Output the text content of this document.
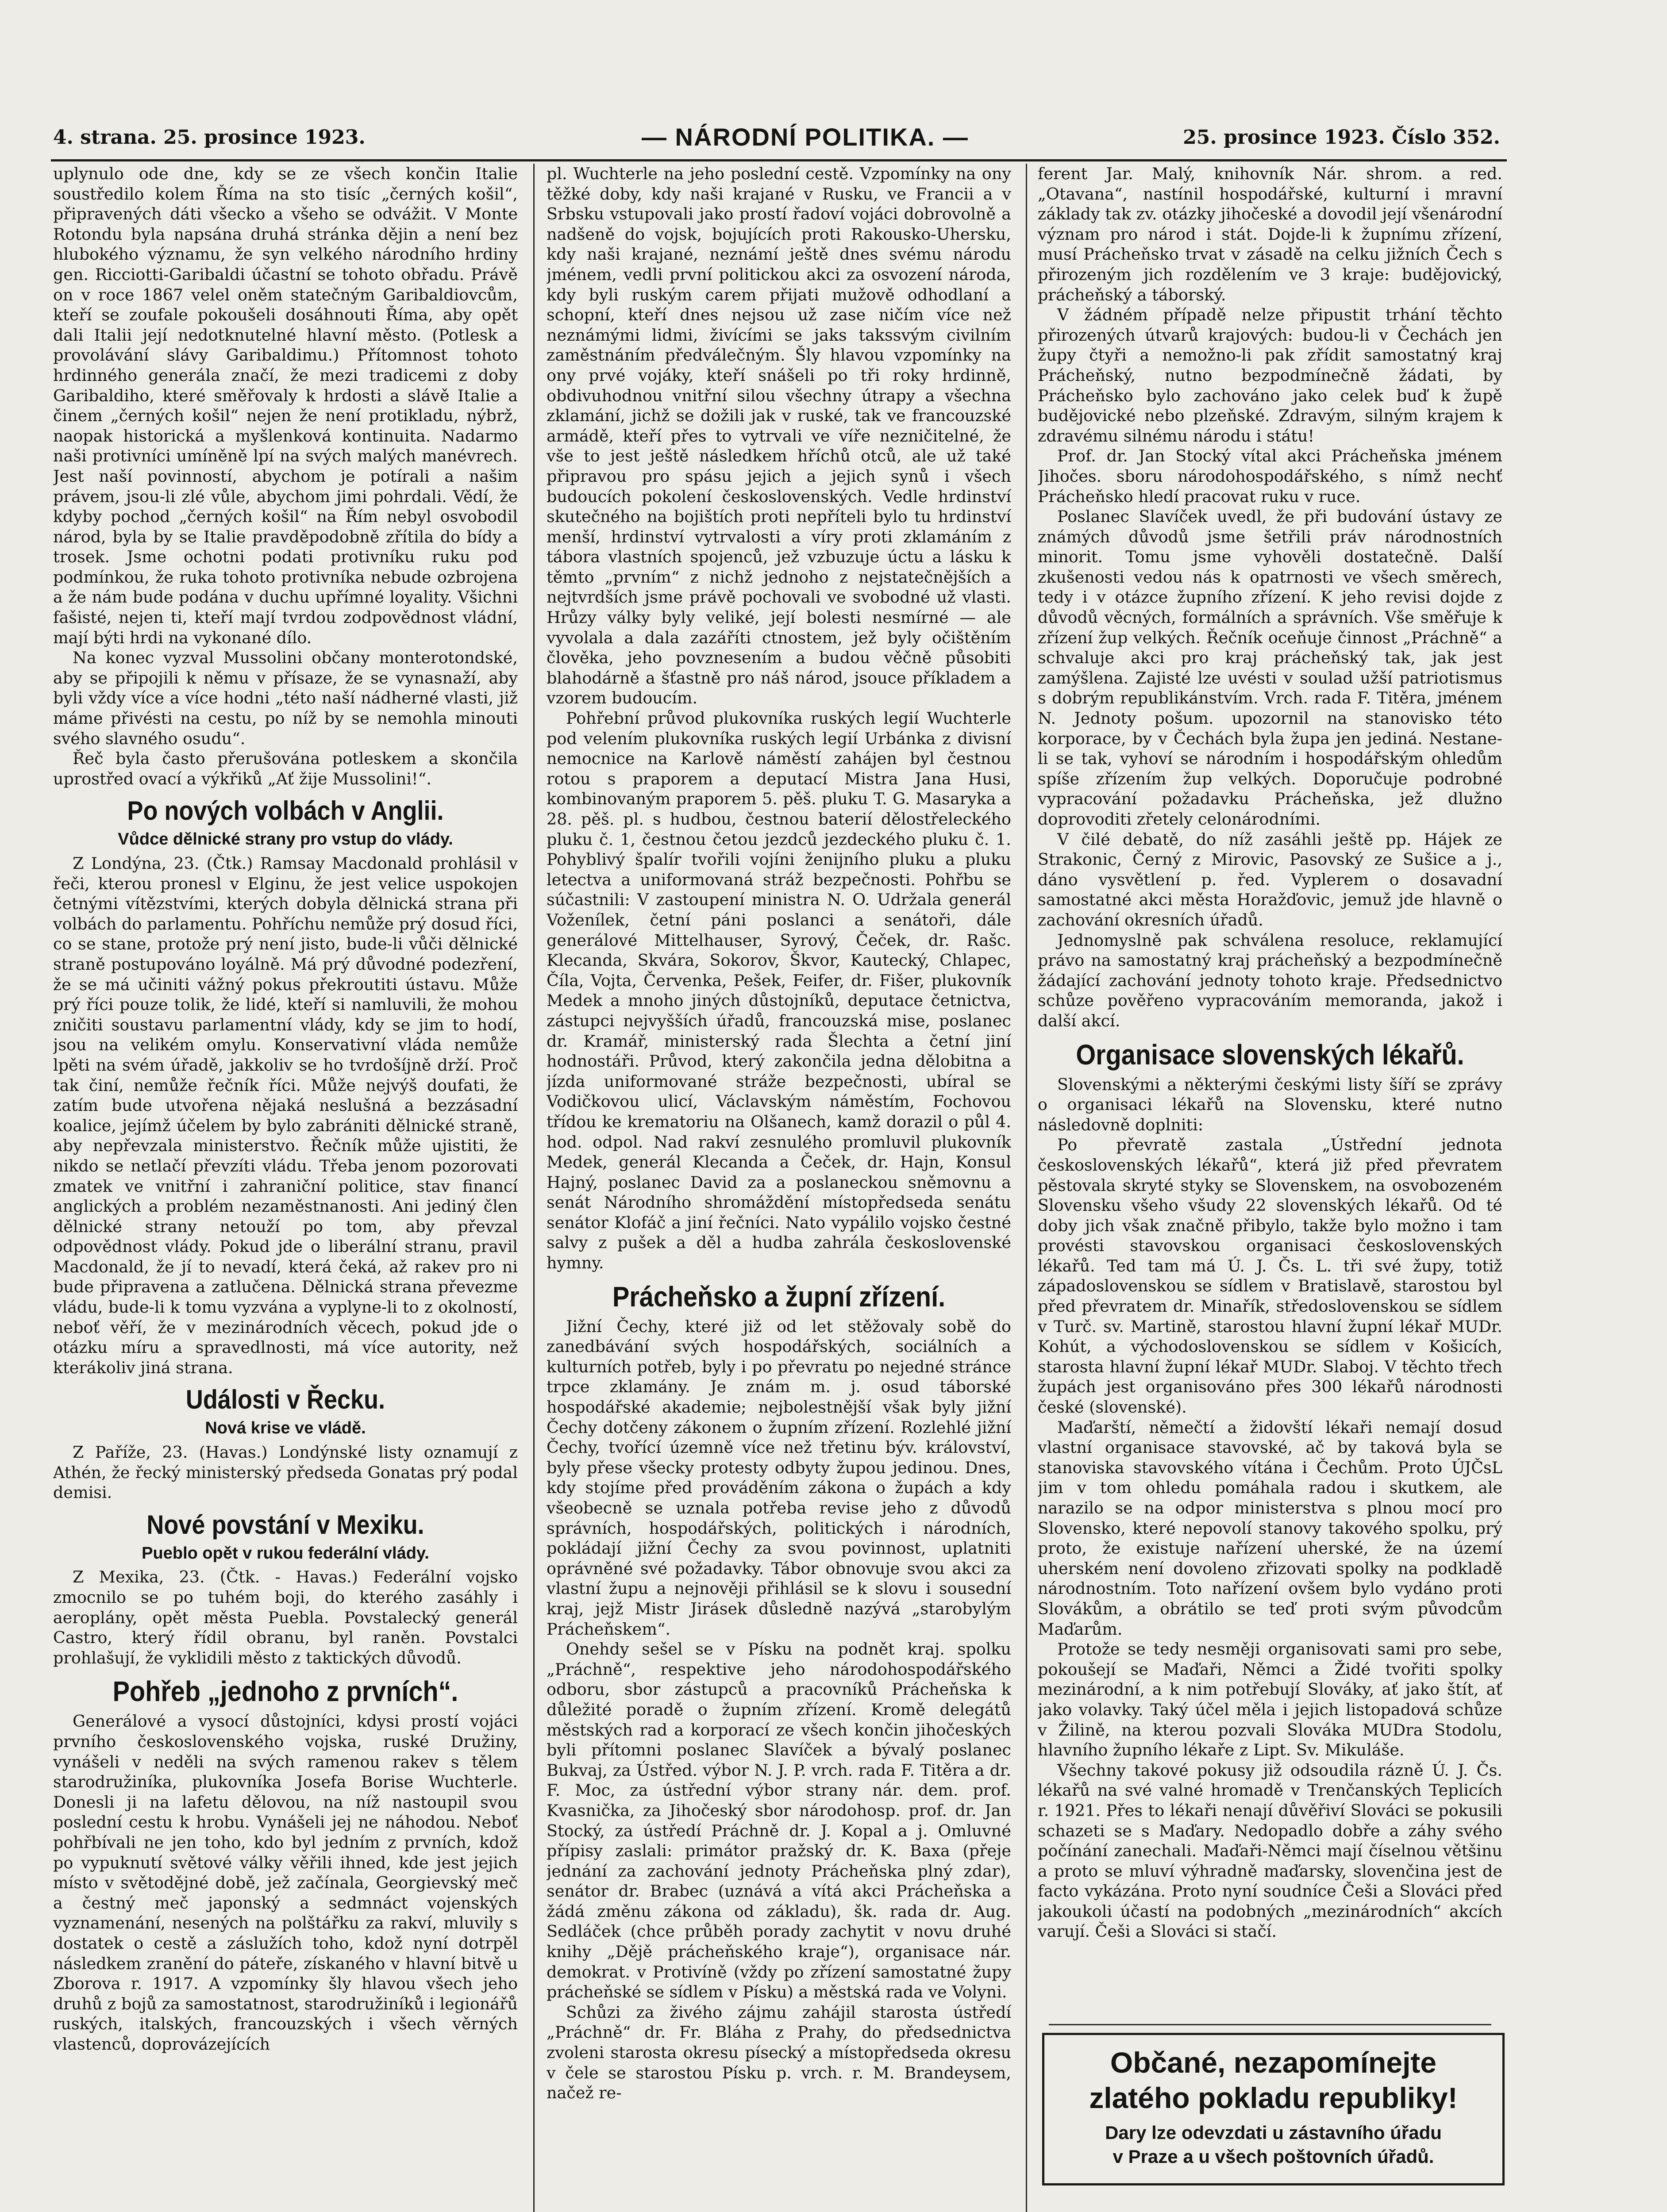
4. strana. 25. prosince 1923.	— NÁRODNÍ POLITIKA. —	25. prosince 1923. Číslo 352.

uplynulo ode dne, kdy se ze všech končin Italie soustředilo kolem Říma na sto tisíc „černých košil“, připravených dáti všecko a všeho se odvážit. V Monte Rotondu byla napsána druhá stránka dějin a není bez hlubokého významu, že syn velkého národního hrdiny gen. Ricciotti-Garibaldi účastní se tohoto obřadu. Právě on v roce 1867 velel oněm statečným Garibaldiovcům, kteří se zoufale pokoušeli dosáhnouti Říma, aby opět dali Italii její nedotknutelné hlavní město. (Potlesk a provolávání slávy Garibaldimu.) Přítomnost tohoto hrdinného generála značí, že mezi tradicemi z doby Garibaldiho, které směřovaly k hrdosti a slávě Italie a činem „černých košil“ nejen že není protikladu, nýbrž, naopak historická a myšlenková kontinuita. Nadarmo naši protivníci umíněně lpí na svých malých manévrech. Jest naší povinností, abychom je potírali a našim právem, jsou-li zlé vůle, abychom jimi pohrdali. Vědí, že kdyby pochod „černých košil“ na Řím nebyl osvobodil národ, byla by se Italie pravděpodobně zřítila do bídy a trosek. Jsme ochotni podati protivníku ruku pod podmínkou, že ruka tohoto protivníka nebude ozbrojena a že nám bude podána v duchu upřímné loyality. Všichni fašisté, nejen ti, kteří mají tvrdou zodpovědnost vládní, mají býti hrdi na vykonané dílo.

Na konec vyzval Mussolini občany monterotondské, aby se připojili k němu v přísaze, že se vynasnaží, aby byli vždy více a více hodni „této naší nádherné vlasti, již máme přivésti na cestu, po níž by se nemohla minouti svého slavného osudu“.

Řeč byla často přerušována potleskem a skončila uprostřed ovací a výkřiků „Ať žije Mussolini!“.

Po nových volbách v Anglii.
Vůdce dělnické strany pro vstup do vlády.

Z Londýna, 23. (Čtk.) Ramsay Macdonald prohlásil v řeči, kterou pronesl v Elginu, že jest velice uspokojen četnými vítězstvími, kterých dobyla dělnická strana při volbách do parlamentu. Pohříchu nemůže prý dosud říci, co se stane, protože prý není jisto, bude-li vůči dělnické straně postupováno loyálně. Má prý důvodné podezření, že se má učiniti vážný pokus překroutiti ústavu. Může prý říci pouze tolik, že lidé, kteří si namluvili, že mohou zničiti soustavu parlamentní vlády, kdy se jim to hodí, jsou na velikém omylu. Konservativní vláda nemůže lpěti na svém úřadě, jakkoliv se ho tvrdošíjně drží. Proč tak činí, nemůže řečník říci. Může nejvýš doufati, že zatím bude utvořena nějaká neslušná a bezzásadní koalice, jejímž účelem by bylo zabrániti dělnické straně, aby nepřevzala ministerstvo. Řečník může ujistiti, že nikdo se netlačí převzíti vládu. Třeba jenom pozorovati zmatek ve vnitřní i zahraniční politice, stav financí anglických a problém nezaměstnanosti. Ani jediný člen dělnické strany netouží po tom, aby převzal odpovědnost vlády. Pokud jde o liberální stranu, pravil Macdonald, že jí to nevadí, která čeká, až rakev pro ni bude připravena a zatlučena. Dělnická strana převezme vládu, bude-li k tomu vyzvána a vyplyne-li to z okolností, neboť věří, že v mezinárodních věcech, pokud jde o otázku míru a spravedlnosti, má více autority, než kterákoliv jiná strana.

Události v Řecku.
Nová krise ve vládě.

Z Paříže, 23. (Havas.) Londýnské listy oznamují z Athén, že řecký ministerský předseda Gonatas prý podal demisi.

Nové povstání v Mexiku.
Pueblo opět v rukou federální vlády.

Z Mexika, 23. (Čtk. - Havas.) Federální vojsko zmocnilo se po tuhém boji, do kterého zasáhly i aeroplány, opět města Puebla. Povstalecký generál Castro, který řídil obranu, byl raněn. Povstalci prohlašují, že vyklidili město z taktických důvodů.

Pohřeb „jednoho z prvních“.

Generálové a vysocí důstojníci, kdysi prostí vojáci prvního československého vojska, ruské Družiny, vynášeli v neděli na svých ramenou rakev s tělem starodružiníka, plukovníka Josefa Borise Wuchterle. Donesli ji na lafetu dělovou, na níž nastoupil svou poslední cestu k hrobu. Vynášeli jej ne náhodou. Neboť pohřbívali ne jen toho, kdo byl jedním z prvních, kdož po vypuknutí světové války věřili ihned, kde jest jejich místo v světodějné době, jež začínala, Georgievský meč a čestný meč japonský a sedmnáct vojenských vyznamenání, nesených na polštářku za rakví, mluvily s dostatek o cestě a záslužích toho, kdož nyní dotrpěl následkem zranění do páteře, získaného v hlavní bitvě u Zborova r. 1917. A vzpomínky šly hlavou všech jeho druhů z bojů za samostatnost, starodružiníků i legionářů ruských, italských, francouzských i všech věrných vlastenců, doprovázejících

pl. Wuchterle na jeho poslední cestě. Vzpomínky na ony těžké doby, kdy naši krajané v Rusku, ve Francii a v Srbsku vstupovali jako prostí řadoví vojáci dobrovolně a nadšeně do vojsk, bojujících proti Rakousko-Uhersku, kdy naši krajané, neznámí ještě dnes svému národu jménem, vedli první politickou akci za osvození národa, kdy byli ruským carem přijati mužově odhodlaní a schopní, kteří dnes nejsou už zase ničím více než neznámými lidmi, živícími se jaks takssvým civilním zaměstnáním předválečným. Šly hlavou vzpomínky na ony prvé vojáky, kteří snášeli po tři roky hrdinně, obdivuhodnou vnitřní silou všechny útrapy a všechna zklamání, jichž se dožili jak v ruské, tak ve francouzské armádě, kteří přes to vytrvali ve víře nezničitelné, že vše to jest ještě následkem hříchů otců, ale už také připravou pro spásu jejich a jejich synů i všech budoucích pokolení československých. Vedle hrdinství skutečného na bojištích proti nepříteli bylo tu hrdinství menší, hrdinství vytrvalosti a víry proti zklamáním z tábora vlastních spojenců, jež vzbuzuje úctu a lásku k těmto „prvním“ z nichž jednoho z nejstatečnějších a nejtvrdších jsme právě pochovali ve svobodné už vlasti. Hrůzy války byly veliké, její bolesti nesmírné — ale vyvolala a dala zazáříti ctnostem, jež byly očištěním člověka, jeho povznesením a budou věčně působiti blahodárně a šťastně pro náš národ, jsouce příkladem a vzorem budoucím.

Pohřební průvod plukovníka ruských legií Wuchterle pod velením plukovníka ruských legií Urbánka z divisní nemocnice na Karlově náměstí zahájen byl čestnou rotou s praporem a deputací Mistra Jana Husi, kombinovaným praporem 5. pěš. pluku T. G. Masaryka a 28. pěš. pl. s hudbou, čestnou baterií dělostřeleckého pluku č. 1, čestnou četou jezdců jezdeckého pluku č. 1. Pohyblivý špalír tvořili vojíni ženijního pluku a pluku letectva a uniformovaná stráž bezpečnosti. Pohřbu se súčastnili: V zastoupení ministra N. O. Udržala generál Voženílek, četní páni poslanci a senátoři, dále generálové Mittelhauser, Syrový, Čeček, dr. Rašc. Klecanda, Skvára, Sokorov, Škvor, Kautecký, Chlapec, Číla, Vojta, Červenka, Pešek, Feifer, dr. Fišer, plukovník Medek a mnoho jiných důstojníků, deputace četnictva, zástupci nejvyšších úřadů, francouzská mise, poslanec dr. Kramář, ministerský rada Šlechta a četní jiní hodnostáři. Průvod, který zakončila jedna dělobitna a jízda uniformované stráže bezpečnosti, ubíral se Vodičkovou ulicí, Václavským náměstím, Fochovou třídou ke krematoriu na Olšanech, kamž dorazil o půl 4. hod. odpol. Nad rakví zesnulého promluvil plukovník Medek, generál Klecanda a Čeček, dr. Hajn, Konsul Hajný, poslanec David za a poslaneckou sněmovnu a senát Národního shromáždění místopředseda senátu senátor Klofáč a jiní řečníci. Nato vypálilo vojsko čestné salvy z pušek a děl a hudba zahrála československé hymny.

Prácheňsko a župní zřízení.

Jižní Čechy, které již od let stěžovaly sobě do zanedbávání svých hospodářských, sociálních a kulturních potřeb, byly i po převratu po nejedné stránce trpce zklamány. Je znám m. j. osud táborské hospodářské akademie; nejbolestnější však byly jižní Čechy dotčeny zákonem o župním zřízení. Rozlehlé jižní Čechy, tvořící územně více než třetinu býv. království, byly přese všecky protesty odbyty župou jedinou. Dnes, kdy stojíme před prováděním zákona o župách a kdy všeobecně se uznala potřeba revise jeho z důvodů správních, hospodářských, politických i národních, pokládají jižní Čechy za svou povinnost, uplatniti oprávněné své požadavky. Tábor obnovuje svou akci za vlastní župu a nejnověji přihlásil se k slovu i sousední kraj, jejž Mistr Jirásek důsledně nazývá „starobylým Prácheňskem“.

Onehdy sešel se v Písku na podnět kraj. spolku „Práchně“, respektive jeho národohospodářského odboru, sbor zástupců a pracovníků Prácheňska k důležité poradě o župním zřízení. Kromě delegátů městských rad a korporací ze všech končin jihočeských byli přítomni poslanec Slavíček a bývalý poslanec Bukvaj, za Ústřed. výbor N. J. P. vrch. rada F. Titěra a dr. F. Moc, za ústřední výbor strany nár. dem. prof. Kvasnička, za Jihočeský sbor národohosp. prof. dr. Jan Stocký, za ústředí Práchně dr. J. Kopal a j. Omluvné přípisy zaslali: primátor pražský dr. K. Baxa (přeje jednání za zachování jednoty Prácheňska plný zdar), senátor dr. Brabec (uznává a vítá akci Prácheňska a žádá změnu zákona od základu), šk. rada dr. Aug. Sedláček (chce průběh porady zachytit v novu druhé knihy „Dějě prácheňského kraje“), organisace nár. demokrat. v Protivíně (vždy po zřízení samostatné župy prácheňské se sídlem v Písku) a městská rada ve Volyni.

Schůzi za živého zájmu zahájil starosta ústředí „Práchně“ dr. Fr. Bláha z Prahy, do předsednictva zvoleni starosta okresu písecký a místopředseda okresu v čele se starostou Písku p. vrch. r. M. Brandeysem, načež re-

ferent Jar. Malý, knihovník Nár. shrom. a red. „Otavana“, nastínil hospodářské, kulturní i mravní základy tak zv. otázky jihočeské a dovodil její všenárodní význam pro národ i stát. Dojde-li k župnímu zřízení, musí Prácheňsko trvat v zásadě na celku jižních Čech s přirozeným jich rozdělením ve 3 kraje: budějovický, prácheňský a táborský.

V žádném případě nelze připustit trhání těchto přirozených útvarů krajových: budou-li v Čechách jen župy čtyři a nemožno-li pak zřídit samostatný kraj Prácheňský, nutno bezpodmínečně žádati, by Prácheňsko bylo zachováno jako celek buď k župě budějovické nebo plzeňské. Zdravým, silným krajem k zdravému silnému národu i státu!

Prof. dr. Jan Stocký vítal akci Prácheňska jménem Jihočes. sboru národohospodářského, s nímž nechť Prácheňsko hledí pracovat ruku v ruce.

Poslanec Slavíček uvedl, že při budování ústavy ze známých důvodů jsme šetřili práv národnostních minorit. Tomu jsme vyhověli dostatečně. Další zkušenosti vedou nás k opatrnosti ve všech směrech, tedy i v otázce župního zřízení. K jeho revisi dojde z důvodů věcných, formálních a správních. Vše směřuje k zřízení žup velkých. Řečník oceňuje činnost „Práchně“ a schvaluje akci pro kraj prácheňský tak, jak jest zamýšlena. Zajisté lze uvésti v soulad užší patriotismus s dobrým republikánstvím. Vrch. rada F. Titěra, jménem N. Jednoty pošum. upozornil na stanovisko této korporace, by v Čechách byla župa jen jediná. Nestane-li se tak, vyhoví se národním i hospodářským ohledům spíše zřízením žup velkých. Doporučuje podrobné vypracování požadavku Prácheňska, jež dlužno doprovoditi zřetely celonárodními.

V čilé debatě, do níž zasáhli ještě pp. Hájek ze Strakonic, Černý z Mirovic, Pasovský ze Sušice a j., dáno vysvětlení p. řed. Vyplerem o dosavadní samostatné akci města Horažďovic, jemuž jde hlavně o zachování okresních úřadů.

Jednomyslně pak schválena resoluce, reklamující právo na samostatný kraj prácheňský a bezpodmínečně žádající zachování jednoty tohoto kraje. Předsednictvo schůze pověřeno vypracováním memoranda, jakož i další akcí.

Organisace slovenských lékařů.

Slovenskými a některými českými listy šíří se zprávy o organisaci lékařů na Slovensku, které nutno následovně doplniti:

Po převratě zastala „Ústřední jednota československých lékařů“, která již před převratem pěstovala skryté styky se Slovenskem, na osvobozeném Slovensku všeho všudy 22 slovenských lékařů. Od té doby jich však značně přibylo, takže bylo možno i tam provésti stavovskou organisaci československých lékařů. Ted tam má Ú. J. Čs. L. tři své župy, totiž západoslovenskou se sídlem v Bratislavě, starostou byl před převratem dr. Minařík, středoslovenskou se sídlem v Turč. sv. Martině, starostou hlavní župní lékař MUDr. Kohút, a východoslovenskou se sídlem v Košicích, starosta hlavní župní lékař MUDr. Slaboj. V těchto třech župách jest organisováno přes 300 lékařů národnosti české (slovenské).

Maďarští, němečtí a židovští lékaři nemají dosud vlastní organisace stavovské, ač by taková byla se stanoviska stavovského vítána i Čechům. Proto ÚJČsL jim v tom ohledu pomáhala radou i skutkem, ale narazilo se na odpor ministerstva s plnou mocí pro Slovensko, které nepovolí stanovy takového spolku, prý proto, že existuje nařízení uherské, že na území uherském není dovoleno zřizovati spolky na podkladě národnostním. Toto nařízení ovšem bylo vydáno proti Slovákům, a obrátilo se teď proti svým původcům Maďarům.

Protože se tedy nesměji organisovati sami pro sebe, pokoušejí se Maďaři, Němci a Židé tvořiti spolky mezinárodní, a k nim potřebují Slováky, ať jako štít, ať jako volavky. Taký účel měla i jejich listopadová schůze v Žilině, na kterou pozvali Slováka MUDra Stodolu, hlavního župního lékaře z Lipt. Sv. Mikuláše.

Všechny takové pokusy již odsoudila rázně Ú. J. Čs. lékařů na své valné hromadě v Trenčanských Teplicích r. 1921. Přes to lékaři nenají důvěřiví Slováci se pokusili schazeti se s Maďary. Nedopadlo dobře a záhy svého počínání zanechali. Maďaři-Němci mají číselnou většinu a proto se mluví výhradně maďarsky, slovenčina jest de facto vykázána. Proto nyní soudníce Češi a Slováci před jakoukoli účastí na podobných „mezinárodních“ akcích varují. Češi a Slováci si stačí.

Občané, nezapomínejte
zlatého pokladu republiky!
Dary lze odevzdati u zástavního úřadu
v Praze a u všech poštovních úřadů.
